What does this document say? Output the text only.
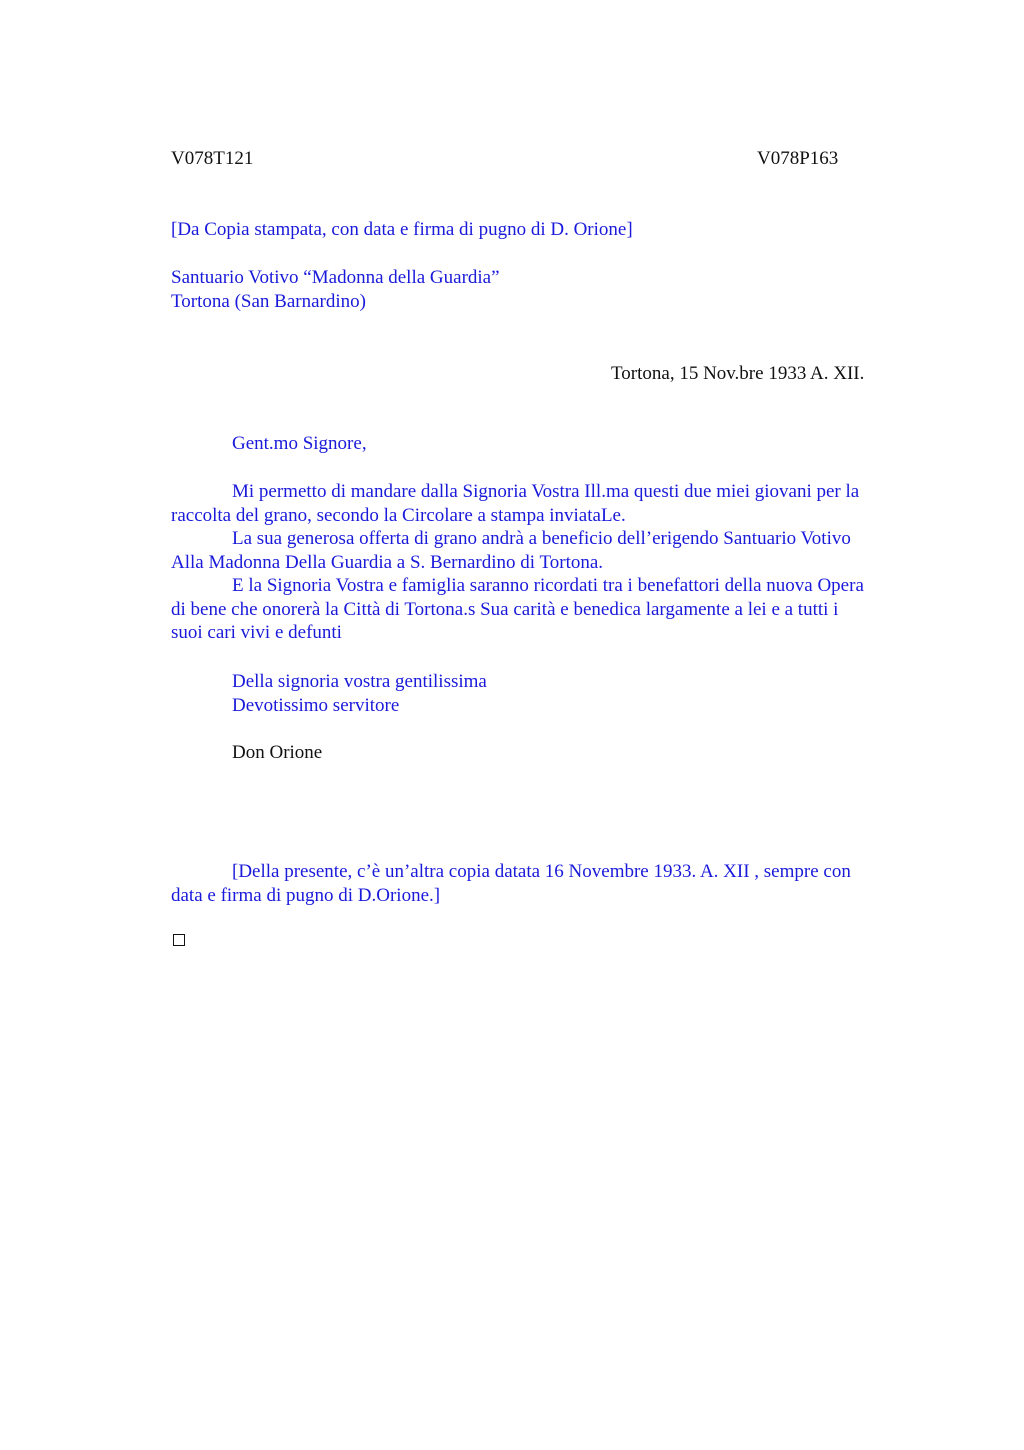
V078T121	V078P163
[Da Copia stampata, con data e firma di pugno di D. Orione]
Santuario Votivo “Madonna della Guardia”
Tortona (San Barnardino)
Tortona, 15 Nov.bre 1933 A. XII.
Gent.mo Signore,
Mi permetto di mandare dalla Signoria Vostra Ill.ma questi due miei giovani per la
raccolta del grano, secondo la Circolare a stampa inviataLe.
La sua generosa offerta di grano andrà a beneficio dell’erigendo Santuario Votivo
Alla Madonna Della Guardia a S. Bernardino di Tortona.
E la Signoria Vostra e famiglia saranno ricordati tra i benefattori della nuova Opera
di bene che onorerà la Città di Tortona.s Sua carità e benedica largamente a lei e a tutti i
suoi cari vivi e defunti
Della signoria vostra gentilissima
Devotissimo servitore
Don Orione
[Della presente, c’è un’altra copia datata 16 Novembre 1933. A. XII , sempre con
data e firma di pugno di D.Orione.]
